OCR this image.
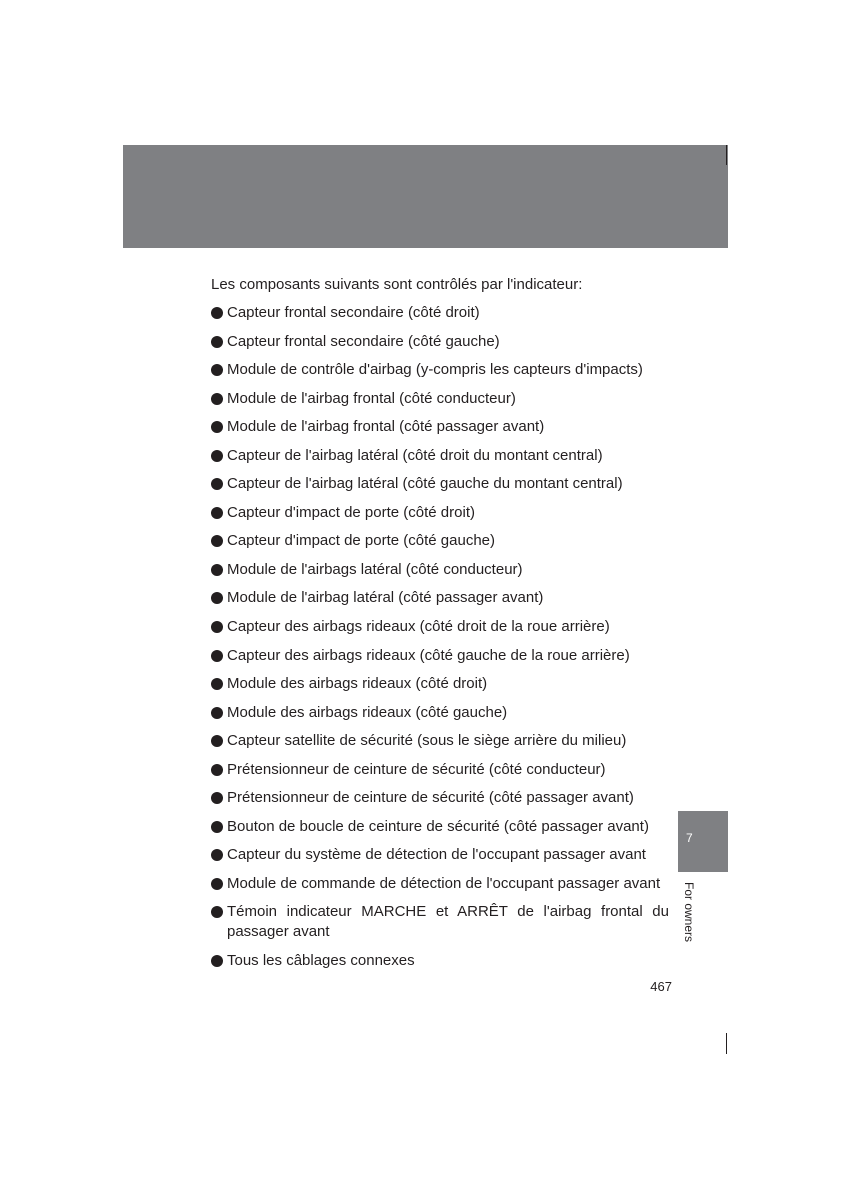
Les composants suivants sont contrôlés par l'indicateur:

Capteur frontal secondaire (côté droit)
Capteur frontal secondaire (côté gauche)
Module de contrôle d'airbag (y-compris les capteurs d'impacts)
Module de l'airbag frontal (côté conducteur)
Module de l'airbag frontal (côté passager avant)
Capteur de l'airbag latéral (côté droit du montant central)
Capteur de l'airbag latéral (côté gauche du montant central)
Capteur d'impact de porte (côté droit)
Capteur d'impact de porte (côté gauche)
Module de l'airbags latéral (côté conducteur)
Module de l'airbag latéral (côté passager avant)
Capteur des airbags rideaux (côté droit de la roue arrière)
Capteur des airbags rideaux (côté gauche de la roue arrière)
Module des airbags rideaux (côté droit)
Module des airbags rideaux (côté gauche)
Capteur satellite de sécurité (sous le siège arrière du milieu)
Prétensionneur de ceinture de sécurité (côté conducteur)
Prétensionneur de ceinture de sécurité (côté passager avant)
Bouton de boucle de ceinture de sécurité (côté passager avant)
Capteur du système de détection de l'occupant passager avant
Module de commande de détection de l'occupant passager avant
Témoin indicateur MARCHE et ARRÊT de l'airbag frontal du passager avant
Tous les câblages connexes
7
For owners
467
